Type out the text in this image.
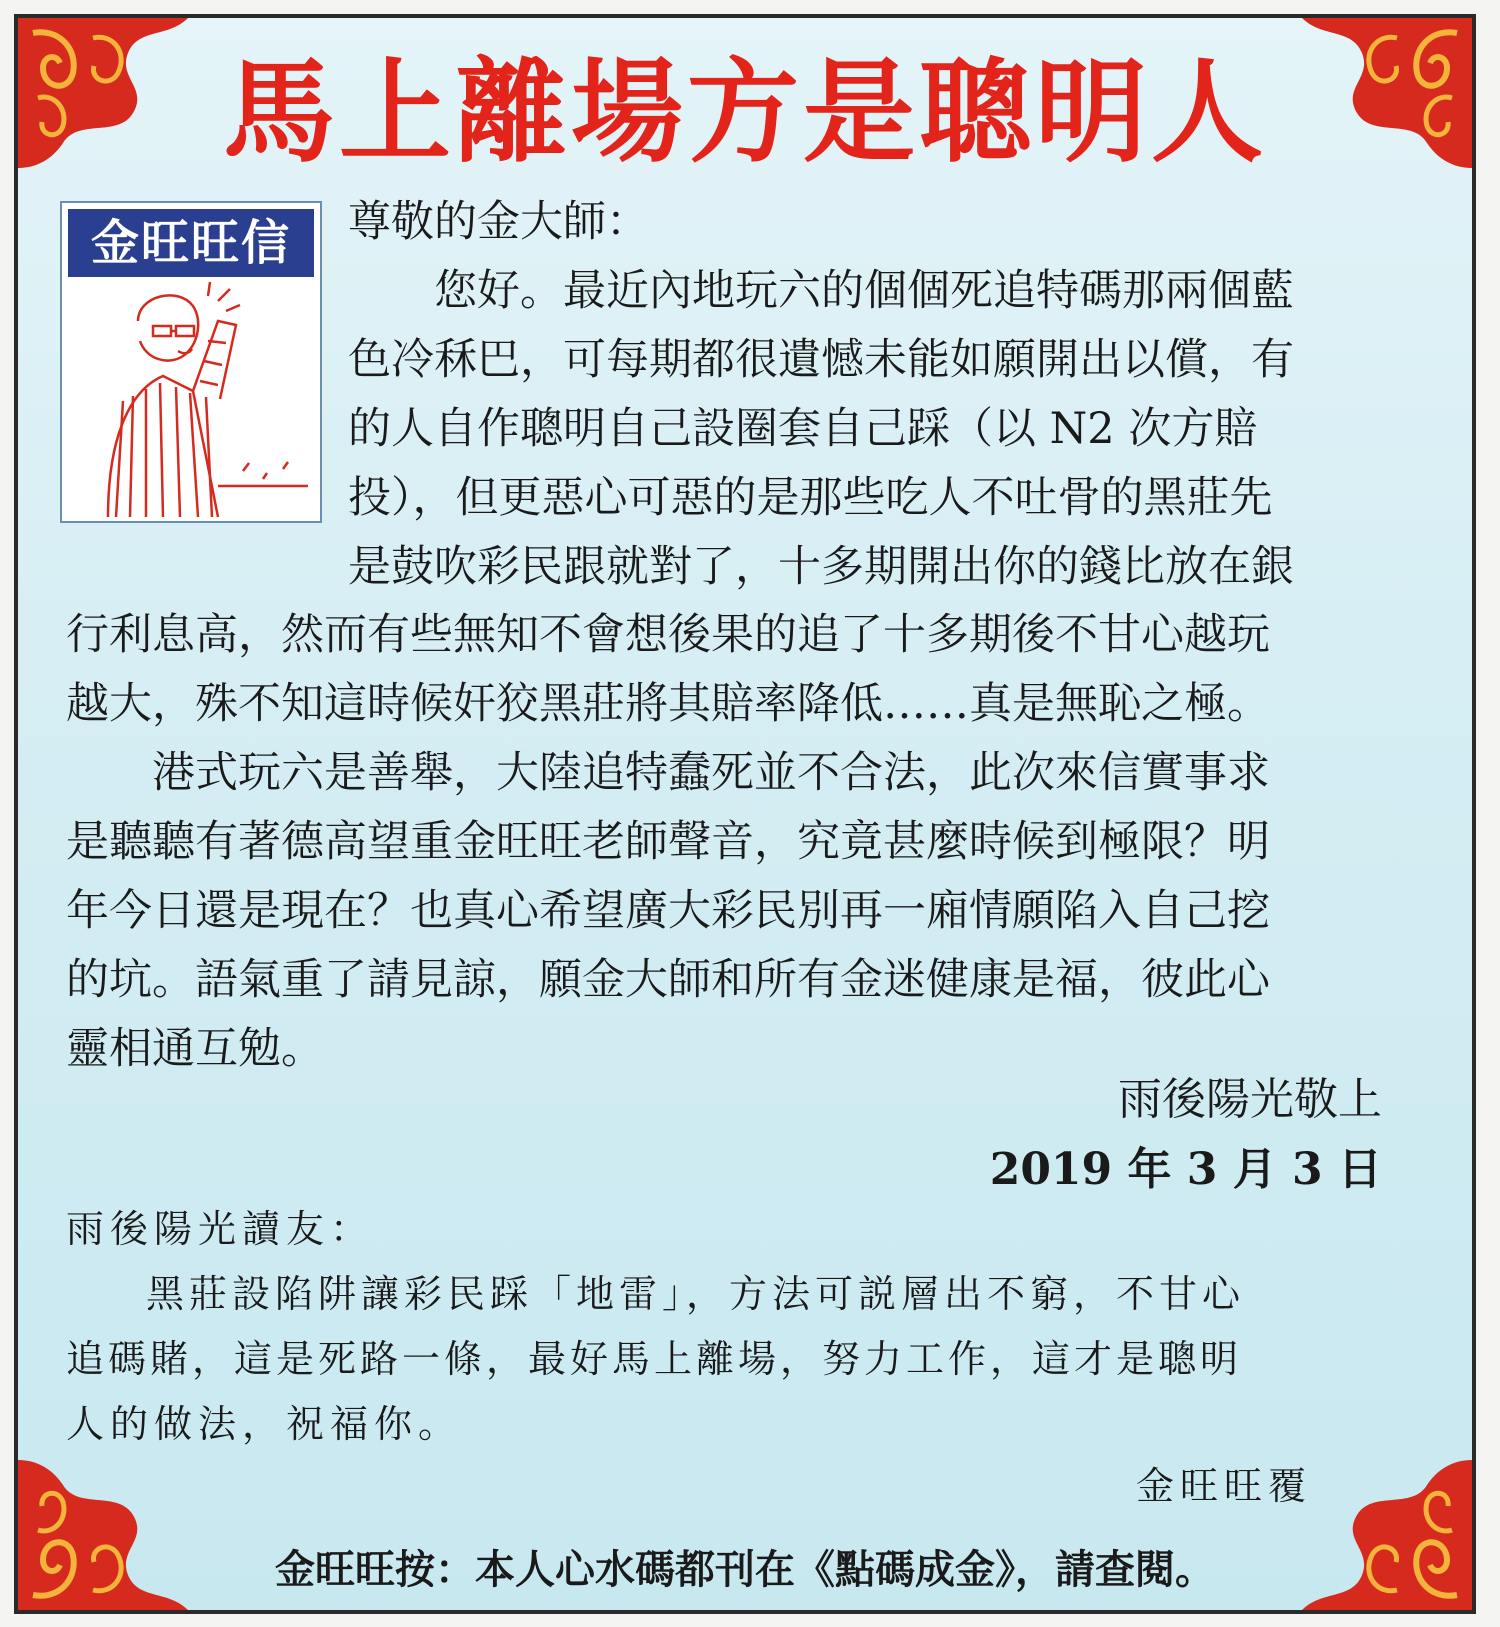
馬上離場方是聰明人
金旺旺信箱
尊敬的金大師：
您好。最近內地玩六的個個死追特碼那兩個藍
色冷秝巴，可每期都很遺憾未能如願開出以償，有
的人自作聰明自己設圈套自己踩（以 N2 次方賠
投），但更惡心可惡的是那些吃人不吐骨的黑莊先
是鼓吹彩民跟就對了，十多期開出你的錢比放在銀
行利息高，然而有些無知不會想後果的追了十多期後不甘心越玩
越大，殊不知這時候奸狡黑莊將其賠率降低……真是無恥之極。
港式玩六是善舉，大陸追特蠢死並不合法，此次來信實事求
是聽聽有著德高望重金旺旺老師聲音，究竟甚麼時候到極限？明
年今日還是現在？也真心希望廣大彩民別再一廂情願陷入自己挖
的坑。語氣重了請見諒，願金大師和所有金迷健康是福，彼此心
靈相通互勉。
雨後陽光敬上
2019 年 3 月 3 日
雨後陽光讀友：
黑莊設陷阱讓彩民踩「地雷」，方法可説層出不窮，不甘心
追碼賭，這是死路一條，最好馬上離場，努力工作，這才是聰明
人的做法，祝福你。
金旺旺覆
金旺旺按：本人心水碼都刊在《點碼成金》，請查閱。
